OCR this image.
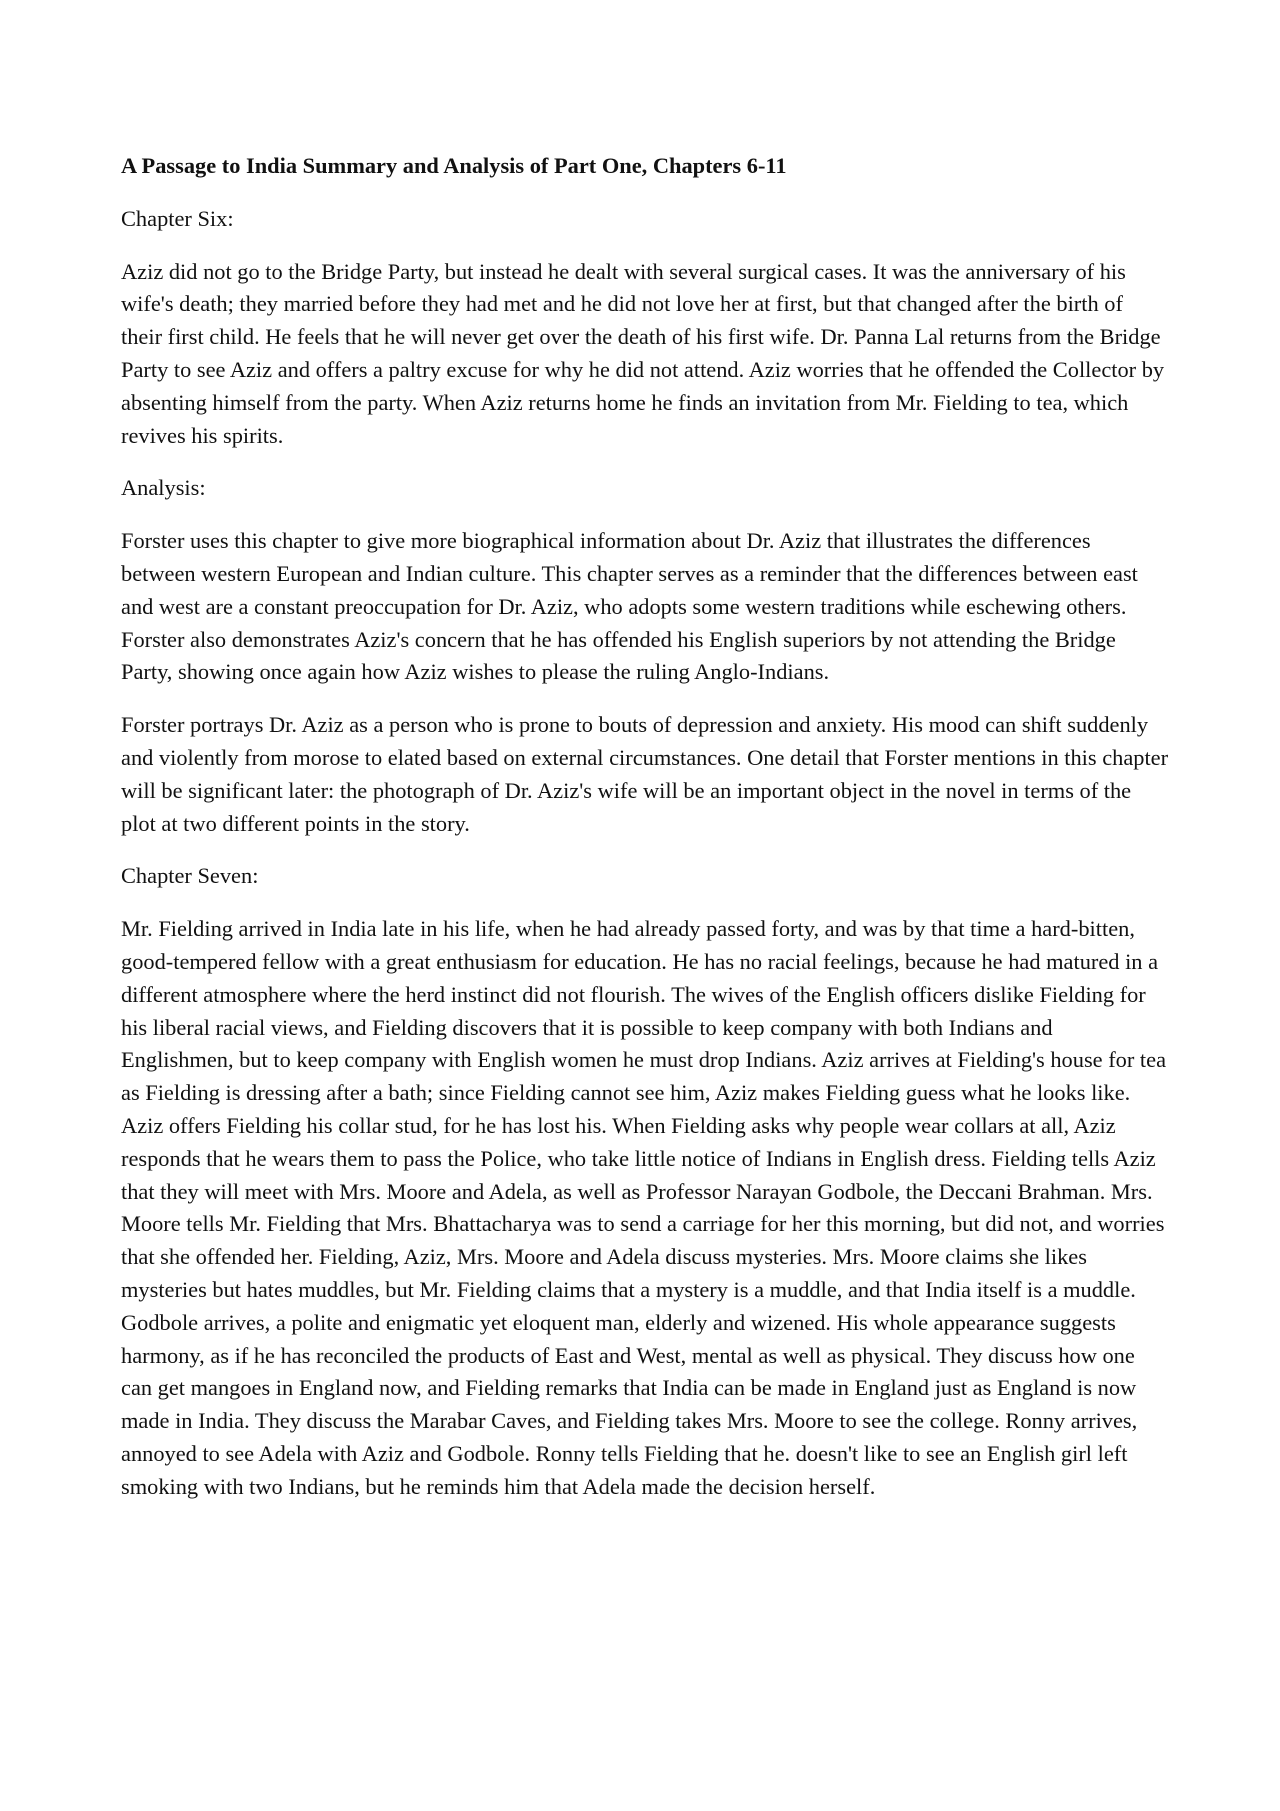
A Passage to India Summary and Analysis of Part One, Chapters 6-11
Chapter Six:
Aziz did not go to the Bridge Party, but instead he dealt with several surgical cases. It was the anniversary of his wife's death; they married before they had met and he did not love her at first, but that changed after the birth of their first child. He feels that he will never get over the death of his first wife. Dr. Panna Lal returns from the Bridge Party to see Aziz and offers a paltry excuse for why he did not attend. Aziz worries that he offended the Collector by absenting himself from the party. When Aziz returns home he finds an invitation from Mr. Fielding to tea, which revives his spirits.
Analysis:
Forster uses this chapter to give more biographical information about Dr. Aziz that illustrates the differences between western European and Indian culture. This chapter serves as a reminder that the differences between east and west are a constant preoccupation for Dr. Aziz, who adopts some western traditions while eschewing others. Forster also demonstrates Aziz's concern that he has offended his English superiors by not attending the Bridge Party, showing once again how Aziz wishes to please the ruling Anglo-Indians.
Forster portrays Dr. Aziz as a person who is prone to bouts of depression and anxiety. His mood can shift suddenly and violently from morose to elated based on external circumstances. One detail that Forster mentions in this chapter will be significant later: the photograph of Dr. Aziz's wife will be an important object in the novel in terms of the plot at two different points in the story.
Chapter Seven:
Mr. Fielding arrived in India late in his life, when he had already passed forty, and was by that time a hard-bitten, good-tempered fellow with a great enthusiasm for education. He has no racial feelings, because he had matured in a different atmosphere where the herd instinct did not flourish. The wives of the English officers dislike Fielding for his liberal racial views, and Fielding discovers that it is possible to keep company with both Indians and Englishmen, but to keep company with English women he must drop Indians. Aziz arrives at Fielding's house for tea as Fielding is dressing after a bath; since Fielding cannot see him, Aziz makes Fielding guess what he looks like. Aziz offers Fielding his collar stud, for he has lost his. When Fielding asks why people wear collars at all, Aziz responds that he wears them to pass the Police, who take little notice of Indians in English dress. Fielding tells Aziz that they will meet with Mrs. Moore and Adela, as well as Professor Narayan Godbole, the Deccani Brahman. Mrs. Moore tells Mr. Fielding that Mrs. Bhattacharya was to send a carriage for her this morning, but did not, and worries that she offended her. Fielding, Aziz, Mrs. Moore and Adela discuss mysteries. Mrs. Moore claims she likes mysteries but hates muddles, but Mr. Fielding claims that a mystery is a muddle, and that India itself is a muddle. Godbole arrives, a polite and enigmatic yet eloquent man, elderly and wizened. His whole appearance suggests harmony, as if he has reconciled the products of East and West, mental as well as physical. They discuss how one can get mangoes in England now, and Fielding remarks that India can be made in England just as England is now made in India. They discuss the Marabar Caves, and Fielding takes Mrs. Moore to see the college. Ronny arrives, annoyed to see Adela with Aziz and Godbole. Ronny tells Fielding that he. doesn't like to see an English girl left smoking with two Indians, but he reminds him that Adela made the decision herself.
